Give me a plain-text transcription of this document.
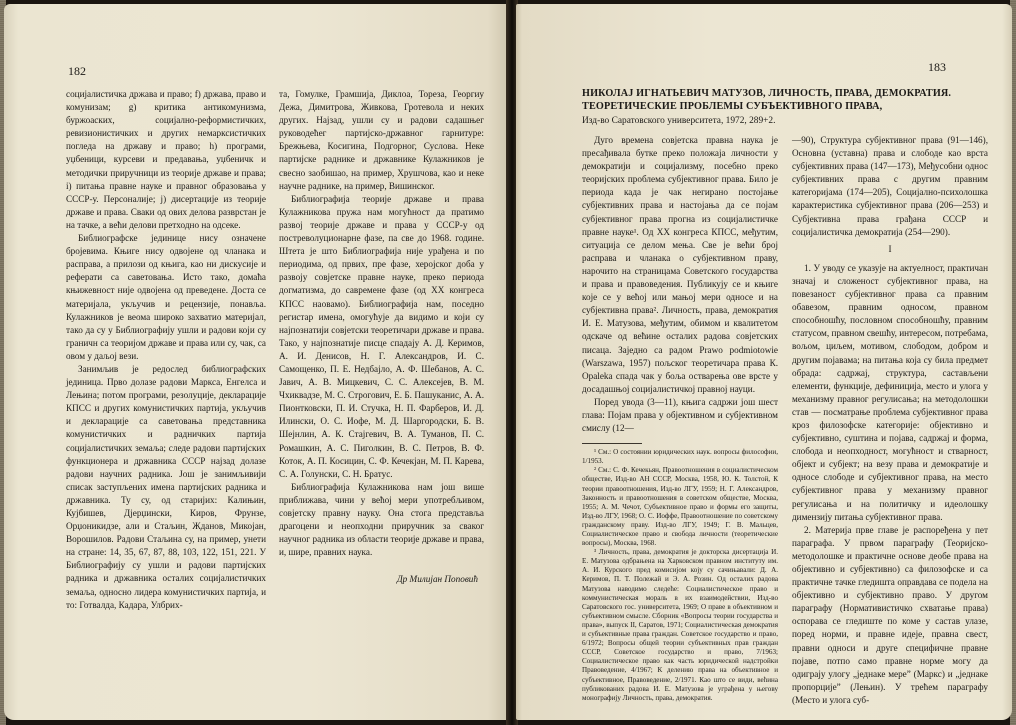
182

социјалистичка држава и право; f) држава, право и комунизам; g) критика антикомунизма, буржоаских, социјално-реформистичких, ревизионистичких и других немарксистичких погледа на државу и право; h) програми, уџбеници, курсеви и предавања, уџбеничк и методички приручници из теорије државе и права; i) питања правне науке и правног образовања у СССР-у. Персоналије; j) дисертације из теорије државе и права. Сваки од ових делова разврстан је на тачке, а већи делови претходно на одсеке.

Библиографске јединице нису означене бројевима. Књиге нису одвојене од чланака и расправа, а прилози од књига, као ни дискусије и реферати са саветовања. Исто тако, домаћа књижевност није одвојена од преведене. Доста се материјала, укључив и рецензије, понавља. Кулажников је веома широко захватио материјал, тако да су у Библиографију ушли и радови који су граничн са теоријом државе и права или су, чак, са овом у даљој вези.

Занимљив је редослед библиографских јединица. Прво долазе радови Маркса, Енгелса и Лењина; потом програми, резолуције, декларације КПСС и других комунистичких партија, укључив и декларације са саветовања представника комунистичких и радничких партија социјалистичких земаља; следе радови партијских функционера и државника СССР најзад долазе радови научних радника. Још је занимљивији списак заступљених имена партијских радника и државника. Ту су, од старијих: Калињин, Кујбишев, Дјерџински, Киров, Фрунзе, Орџоникидзе, али и Стаљин, Жданов, Микојан, Ворошилов. Радови Стаљина су, на пример, унети на стране: 14, 35, 67, 87, 88, 103, 122, 151, 221. У Библиографију су ушли и радови партијских радника и државника осталих социјалистичких земаља, односно лидера комунистичких партија, и то: Готвалда, Кадара, Улбрих-

та, Гомулке, Грамшија, Диклоа, Тореза, Георгиу Дежа, Димитрова, Живкова, Гротевола и неких других. Најзад, ушли су и радови садашњег руководећег партијско-државног гарнитуре: Брежњева, Косигина, Подгорног, Суслова. Неке партијске раднике и државнике Кулажников је свесно заобишао, на пример, Хрушчова, као и неке научне раднике, на пример, Вишинског.

Библиографија теорије државе и права Кулажникова пружа нам могућност да пратимо развој теорије државе и права у СССР-у од постреволуционарне фазе, па све до 1968. године. Штета је што Библиографија није урађена и по периодима, од првих, пре фазе, херојског доба у развоју совјетске правне науке, преко периода догматизма, до савремене фазе (од XX конгреса КПСС наовамо). Библиографија нам, поседно регистар имена, омогућује да видимо и који су најпознатији совјетски теоретичари државе и права. Тако, у најпознатије писце спадају А. Д. Керимов, А. И. Денисов, Н. Г. Александров, И. С. Самощенко, П. Е. Недбајло, А. Ф. Шебанов, А. С. Јавич, А. В. Мицкевич, С. С. Алексејев, В. М. Чхиквадзе, М. С. Строгович, Е. Б. Пашуканис, А. А. Пионтковски, П. И. Стучка, Н. П. Фарберов, И. Д. Илински, О. С. Иофе, М. Д. Шаргородски, Б. В. Шејнлин, А. К. Стајгевич, В. А. Туманов, П. С. Ромашкин, А. С. Пиголкин, В. С. Петров, В. Ф. Коток, А. П. Косицин, С. Ф. Кечекјан, М. П. Карева, С. А. Голунски, С. Н. Братус.

Библиографија Кулажникова нам још више приближава, чини у већој мери употребљивом, совјетску правну науку. Она стога представља драгоцени и неопходни приручник за сваког научног радника из области теорије државе и права, и, шире, правних наука.

Др Милијан Поповић
183
НИКОЛАЈ ИГНАТЬЕВИЧ МАТУЗОВ, ЛИЧНОСТЬ, ПРАВА, ДЕМОКРАТИЯ. ТЕОРЕТИЧЕСКИЕ ПРОБЛЕМЫ СУБЪЕКТИВНОГО ПРАВА,
Изд-во Саратовского университета, 1972, 289+2.

Дуго времена совјетска правна наука је пресађивала бутке преко положаја личности у демократији и социјализму, посебно преко теоријских проблема субјективног права. Било је периода када је чак негирано постојање субјективних права и настојања да се појам субјективног права прогна из социјалистичке правне науке¹. Од XX конгреса КПСС, међутим, ситуација се делом мења. Све је већи број расправа и чланака о субјективном праву, нарочито на страницама Советского государства и права и правоведения. Публикују се и књиге које се у већој или мањој мери односе и на субјективна права². Личность, права, демократия И. Е. Матузова, међутим, обимом и квалитетом одскаче од већине осталих радова совјетских писаца. Заједно са радом Prawo podmiotowie (Warszawa, 1957) пољског теоретичара права К. Opaleka спада чак у боља остварења ове врсте у досадашњој социјалистичкој правној науци.

Поред увода (3—11), књига садржи још шест глава: Појам права у објективном и субјективном смислу (12—

¹ См.: О состоянии юридических наук. вопросы философии, 1/1953.

² См.: С. Ф. Кечекьян, Правоотношения в социалистическом обществе, Изд-во АН СССР, Москва, 1958, Ю. К. Толстой, К теории правоотношения, Изд-во ЛГУ, 1959; Н. Г. Александров, Законность и правоотношения в советском обществе, Москва, 1955; А. М. Чечот, Субъективное право и формы его защиты, Изд-во ЛГУ, 1968; О. С. Иоффе, Правоотношение по советскому гражданскому праву. Изд-во ЛГУ, 1949; Г. В. Мальцев, Социалистическое право и свобода личности (теоретические вопросы), Москва, 1968.

³ Личность, права, демократия је докторска дисертација И. Е. Матузова одбрањена на Харковском правном институту им. А. И. Курского пред комисијом коју су сачињавали: Д. А. Керимов, П. Т. Полежай и Э. А. Розин. Од осталих радова Матузова наводимо следеће: Социалистическое право и коммунистическая мораль в их взаимодействии, Изд-во Саратовского гос. университета, 1969; О праве в объективном и субъективном смысле. Сборник «Вопросы теории государства и права», выпуск II, Саратов, 1971; Социалистическая демократия и субъективные права граждан. Советское государство и право, 6/1972; Вопросы общей теории субъективных прав граждан СССР, Советское государство и право, 7/1963; Социалистическое право как часть юридической надстройки Правоведение, 4/1967; К делению права на объективное и субъективное, Правоведение, 2/1971. Као што се види, већина публикованих радова И. Е. Матузова је уграђена у његову монографију Личность, права, демократия.

—90), Структура субјективног права (91—146), Основна (уставна) права и слободе као врста субјективних права (147—173), Међусобни однос субјективних права с другим правним категоријама (174—205), Социјално-психолошка карактеристика субјективног права (206—253) и Субјективна права грађана СССР и социјалистичка демократија (254—290).

I

1. У уводу се указује на актуелност, практичан значај и сложеност субјективног права, на повезаност субјективног права са правним обавезом, правним односом, правном способношћу, пословном способношћу, правним статусом, правном свешћу, интересом, потребама, вољом, циљем, мотивом, слободом, добром и другим појавама; на питања која су била предмет обрада: садржај, структура, састављени елементи, функције, дефиниција, место и улога у механизму правног регулисања; на методолошки став — посматрање проблема субјективног права кроз филозофске категорије: објективно и субјективно, суштина и појава, садржај и форма, слобода и неопходност, могућност и стварност, објект и субјект; на везу права и демократије и односе слободе и субјективног права, на место субјективног права у механизму правног регулисања и на политичку и идеолошку димензију питања субјективног права.

2. Материја прве главе је распоређена у пет параграфа. У првом параграфу (Теоријско-методолошке и практичне основе деобе права на објективно и субјективно) са филозофске и са практичне тачке гледишта оправдава се подела на објективно и субјективно право. У другом параграфу (Нормативистичко схватање права) оспорава се гледиште по коме у састав улазе, поред норми, и правне идеје, правна свест, правни односи и друге специфичне правне појаве, потпо само правне норме могу да одиграју улогу „једнаке мере” (Маркс) и „једнаке пропорције” (Лењин). У трећем параграфу (Место и улога суб-
